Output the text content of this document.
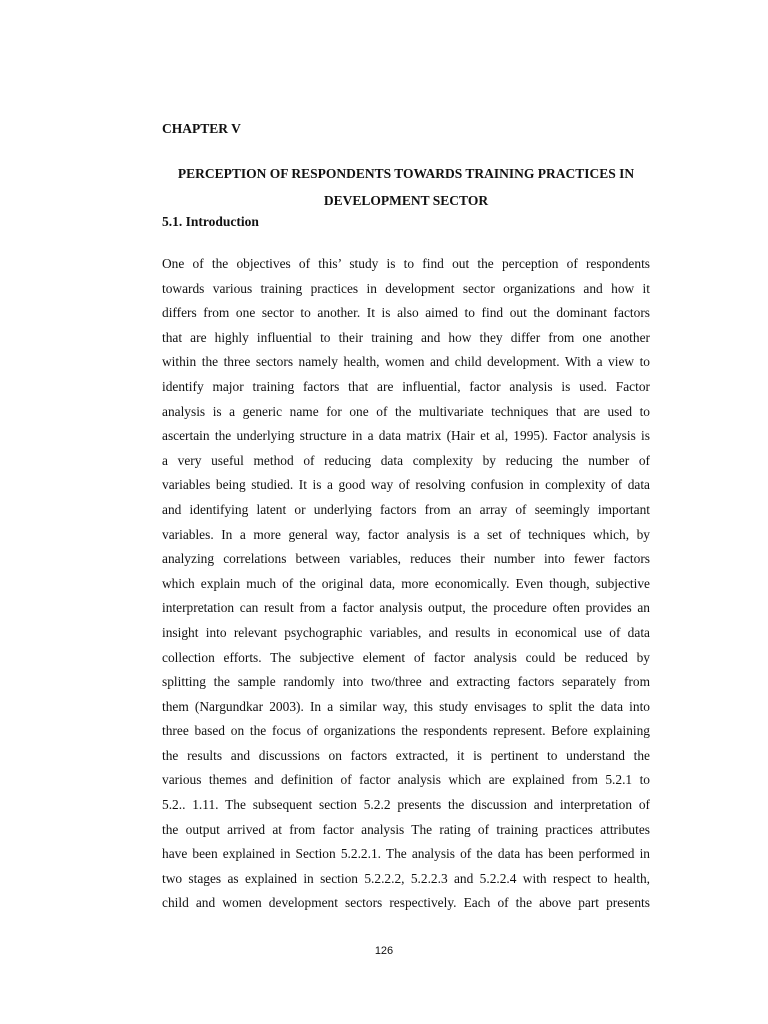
CHAPTER V

PERCEPTION OF RESPONDENTS TOWARDS TRAINING PRACTICES IN
DEVELOPMENT SECTOR
5.1. Introduction
One of the objectives of this’ study is to find out the perception of respondents
towards various training practices in development sector organizations and how it
differs from one sector to another. It is also aimed to find out the dominant factors
that are highly influential to their training and how they differ from one another
within the three sectors namely health, women and child development. With a view to
identify major training factors that are influential, factor analysis is used. Factor
analysis is a generic name for one of the multivariate techniques that are used to
ascertain the underlying structure in a data matrix (Hair et al, 1995). Factor analysis is
a very useful method of reducing data complexity by reducing the number of
variables being studied. It is a good way of resolving confusion in complexity of data
and identifying latent or underlying factors from an array of seemingly important
variables. In a more general way, factor analysis is a set of techniques which, by
analyzing correlations between variables, reduces their number into fewer factors
which explain much of the original data, more economically. Even though, subjective
interpretation can result from a factor analysis output, the procedure often provides an
insight into relevant psychographic variables, and results in economical use of data
collection efforts. The subjective element of factor analysis could be reduced by
splitting the sample randomly into two/three and extracting factors separately from
them (Nargundkar 2003). In a similar way, this study envisages to split the data into
three based on the focus of organizations the respondents represent. Before explaining
the results and discussions on factors extracted, it is pertinent to understand the
various themes and definition of factor analysis which are explained from 5.2.1 to
5.2.. 1.11. The subsequent section 5.2.2 presents the discussion and interpretation of
the output arrived at from factor analysis The rating of training practices attributes
have been explained in Section 5.2.2.1. The analysis of the data has been performed in
two stages as explained in section 5.2.2.2, 5.2.2.3 and 5.2.2.4 with respect to health,
child and women development sectors respectively. Each of the above part presents

126
